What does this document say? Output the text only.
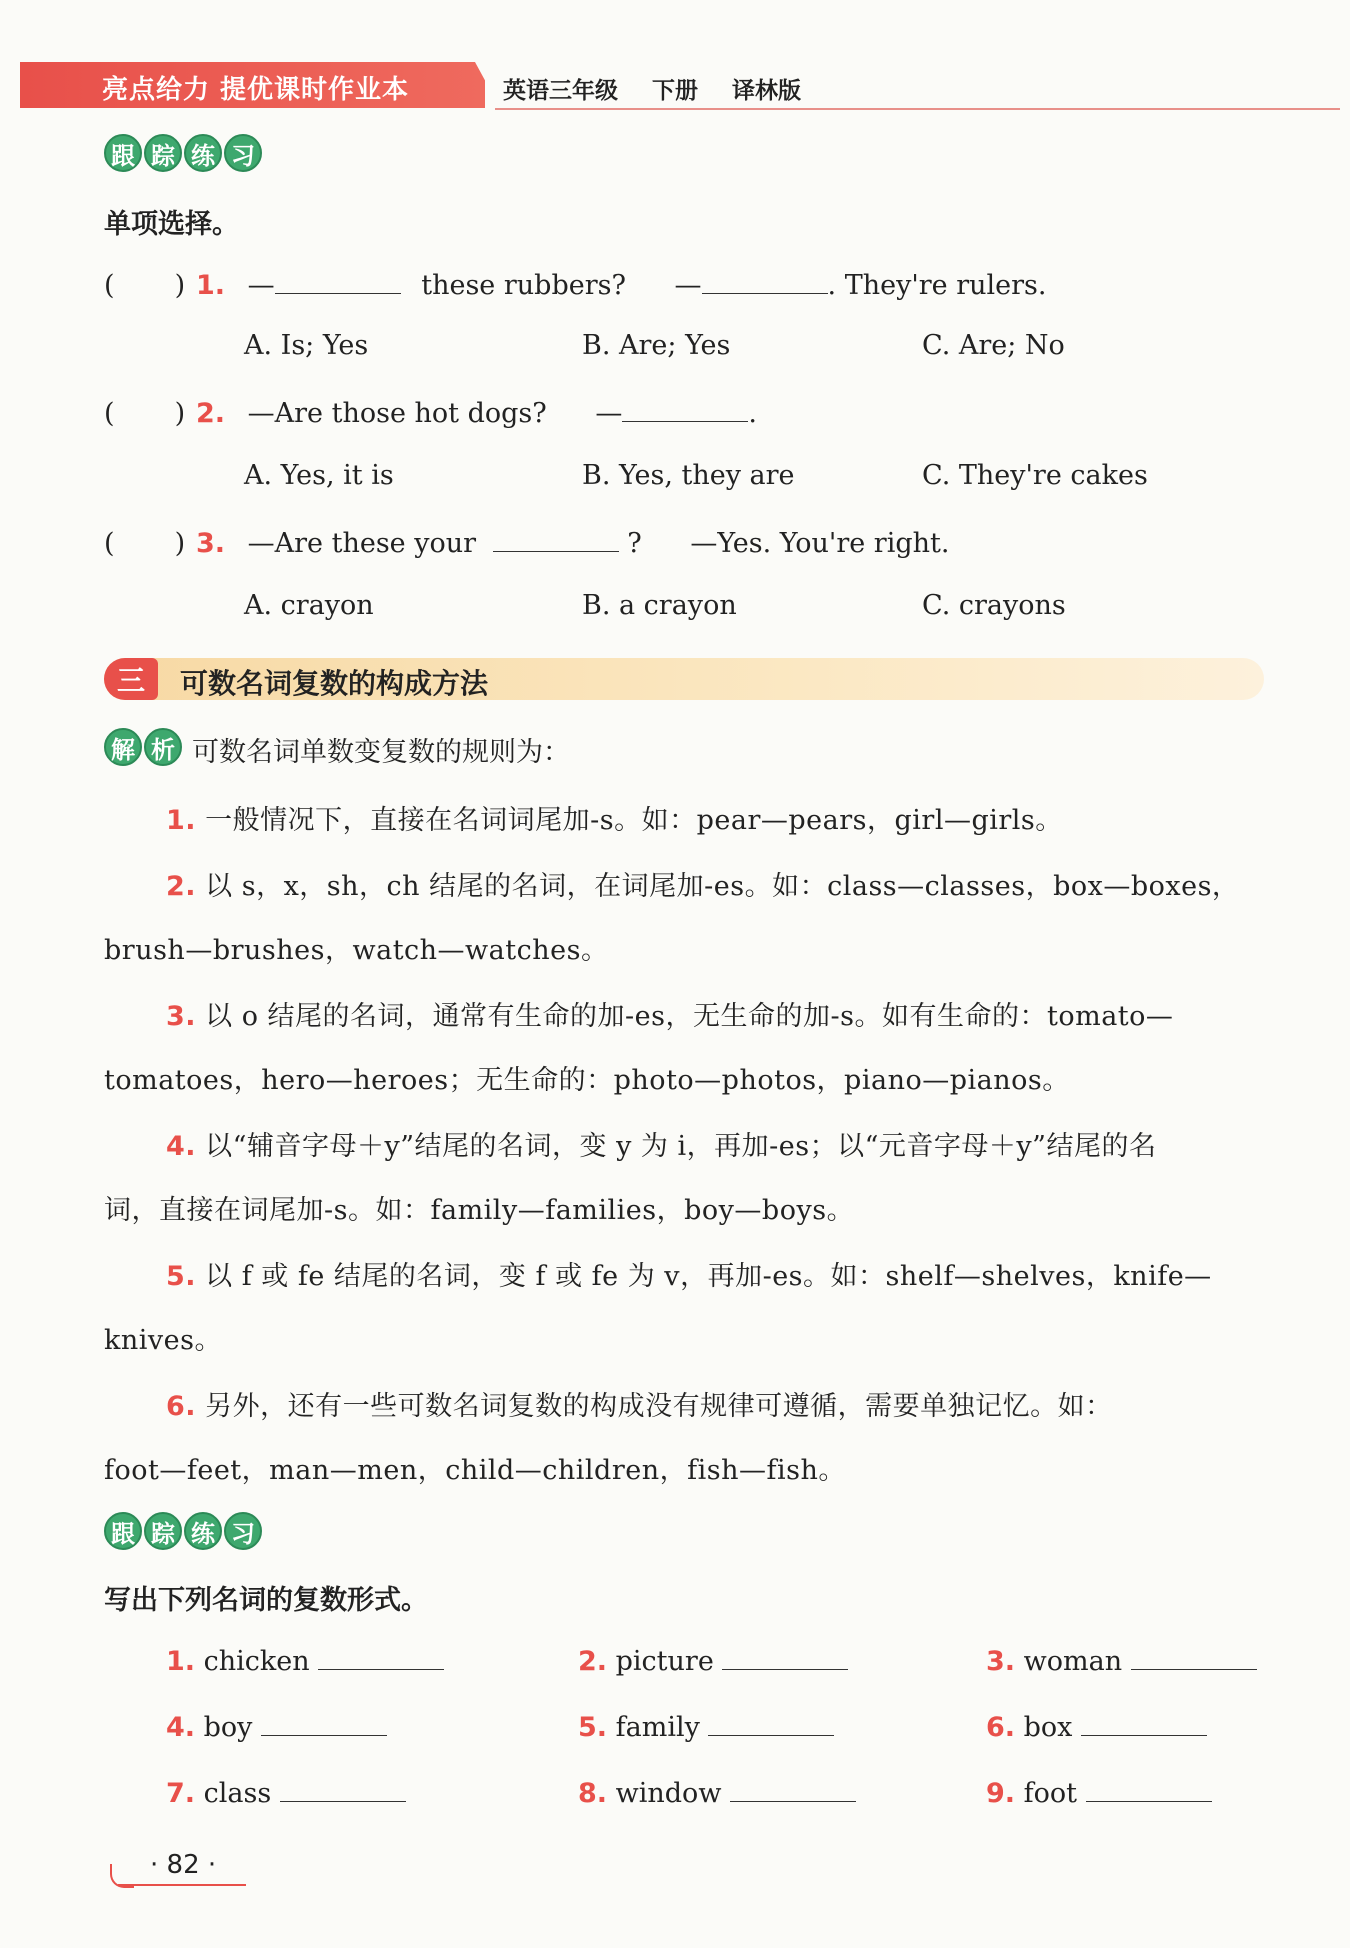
亮点给力 提优课时作业本	英语三年级 下册 译林版
跟 踪 练 习
单项选择。
(       ) 1. —	these rubbers? —	. They're rulers.
A. Is; Yes	B. Are; Yes	C. Are; No
(       ) 2. —Are those hot dogs? —	.
A. Yes, it is	B. Yes, they are	C. They're cakes
(       ) 3. —Are these your	? —Yes. You're right.
A. crayon	B. a crayon	C. crayons
三	可数名词复数的构成方法
解 析 可数名词单数变复数的规则为：
1. 一般情况下，直接在名词词尾加-s。如：pear—pears，girl—girls。
2. 以 s，x，sh，ch 结尾的名词，在词尾加-es。如：class—classes，box—boxes，
brush—brushes，watch—watches。
3. 以 o 结尾的名词，通常有生命的加-es，无生命的加-s。如有生命的：tomato—
tomatoes，hero—heroes；无生命的：photo—photos，piano—pianos。
4. 以“辅音字母＋y”结尾的名词，变 y 为 i，再加-es；以“元音字母＋y”结尾的名
词，直接在词尾加-s。如：family—families，boy—boys。
5. 以 f 或 fe 结尾的名词，变 f 或 fe 为 v，再加-es。如：shelf—shelves，knife—
knives。
6. 另外，还有一些可数名词复数的构成没有规律可遵循，需要单独记忆。如：
foot—feet，man—men，child—children，fish—fish。
跟 踪 练 习
写出下列名词的复数形式。
1. chicken	2. picture	3. woman
4. boy	5. family	6. box
7. class	8. window	9. foot
· 82 ·
